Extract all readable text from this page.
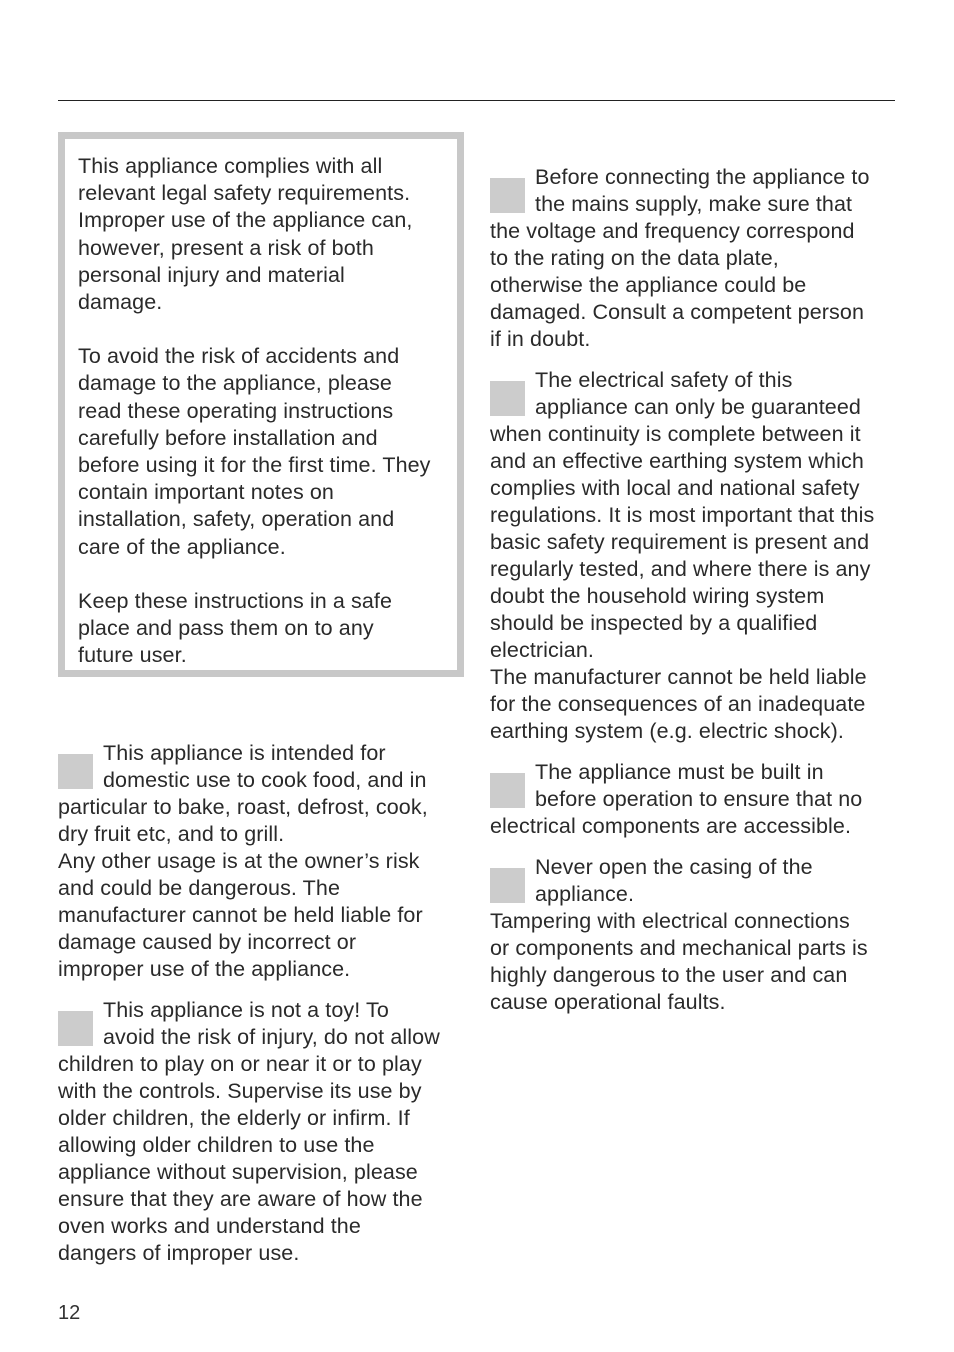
This appliance complies with all
relevant legal safety requirements.
Improper use of the appliance can,
however, present a risk of both
personal injury and material
damage.

To avoid the risk of accidents and
damage to the appliance, please
read these operating instructions
carefully before installation and
before using it for the first time. They
contain important notes on
installation, safety, operation and
care of the appliance.

Keep these instructions in a safe
place and pass them on to any
future user.

This appliance is intended for
domestic use to cook food, and in
particular to bake, roast, defrost, cook,
dry fruit etc, and to grill.
Any other usage is at the owner’s risk
and could be dangerous. The
manufacturer cannot be held liable for
damage caused by incorrect or
improper use of the appliance.
This appliance is not a toy! To
avoid the risk of injury, do not allow
children to play on or near it or to play
with the controls. Supervise its use by
older children, the elderly or infirm. If
allowing older children to use the
appliance without supervision, please
ensure that they are aware of how the
oven works and understand the
dangers of improper use.
Before connecting the appliance to
the mains supply, make sure that
the voltage and frequency correspond
to the rating on the data plate,
otherwise the appliance could be
damaged. Consult a competent person
if in doubt.
The electrical safety of this
appliance can only be guaranteed
when continuity is complete between it
and an effective earthing system which
complies with local and national safety
regulations. It is most important that this
basic safety requirement is present and
regularly tested, and where there is any
doubt the household wiring system
should be inspected by a qualified
electrician.
The manufacturer cannot be held liable
for the consequences of an inadequate
earthing system (e.g. electric shock).
The appliance must be built in
before operation to ensure that no
electrical components are accessible.
Never open the casing of the
appliance.
Tampering with electrical connections
or components and mechanical parts is
highly dangerous to the user and can
cause operational faults.
12
